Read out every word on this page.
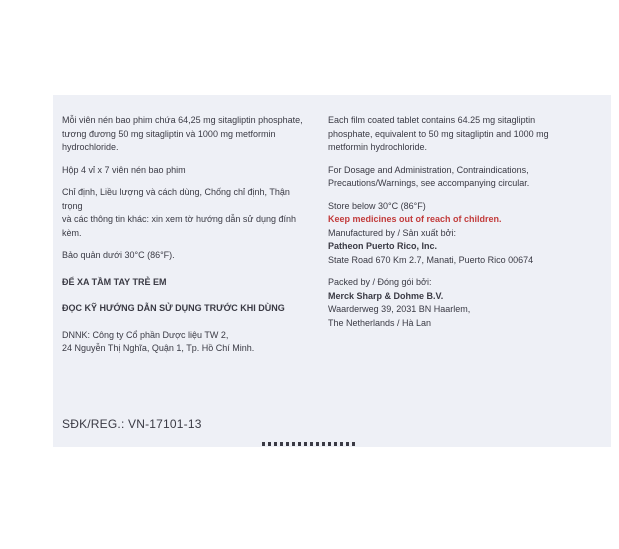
Mỗi viên nén bao phim chứa 64,25 mg sitagliptin phosphate,

tương đương 50 mg sitagliptin và 1000 mg metformin

hydrochloride.

Hộp 4 vỉ x 7 viên nén bao phim

Chỉ định, Liều lượng và cách dùng, Chống chỉ định, Thận trọng

và các thông tin khác: xin xem tờ hướng dẫn sử dụng đính kèm.

Bảo quản dưới 30°C (86°F).

ĐỂ XA TẦM TAY TRẺ EM

ĐỌC KỸ HƯỚNG DẪN SỬ DỤNG TRƯỚC KHI DÙNG

DNNK: Công ty Cổ phần Dược liệu TW 2,

24 Nguyễn Thị Nghĩa, Quận 1, Tp. Hồ Chí Minh.

Each film coated tablet contains 64.25 mg sitagliptin

phosphate, equivalent to 50 mg sitagliptin and 1000 mg

metformin hydrochloride.

For Dosage and Administration, Contraindications,

Precautions/Warnings, see accompanying circular.

Store below 30°C (86°F)

Keep medicines out of reach of children.

Manufactured by / Sản xuất bởi:

Patheon Puerto Rico, Inc.

State Road 670 Km 2.7, Manati, Puerto Rico 00674

Packed by / Đóng gói bởi:

Merck Sharp & Dohme B.V.

Waarderweg 39, 2031 BN Haarlem,

The Netherlands / Hà Lan

SĐK/REG.: VN-17101-13
